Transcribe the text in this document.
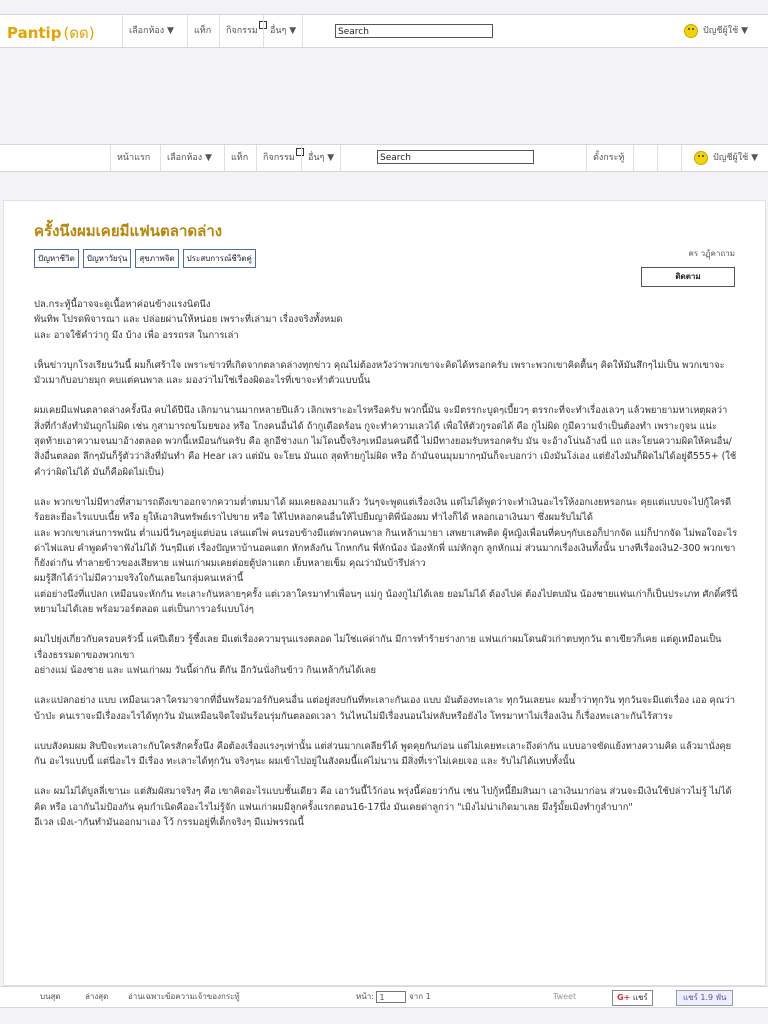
Pantip (ดด)	เลือกห้อง ▼	แท็ก	กิจกรรม	อื่นๆ ▼	Search	ปัญชีผู้ใช้ ▼
หน้าแรก	เลือกห้อง ▼	แท็ก	กิจกรรม	อื่นๆ ▼	Search	ตั้งกระทู้	ปัญชีผู้ใช้ ▼
ครั้งนึงผมเคยมีแฟนตลาดล่าง
ปัญหาชีวิต ปัญหาวัยรุ่น สุขภาพจิต ประสบการณ์ชีวิตคู่
คร วฏุ้คาถาม
ติดตาม

ปล.กระทู้นี้อาจจะดูเนื้อหาค่อนข้างแรงนิดนึง
พันทิพ โปรดพิจารณา และ ปล่อยผ่านให้หน่อย เพราะที่เล่ามา เรื่องจริงทั้งหมด
และ อาจใช้คำว่ากู มึง บ้าง เพื่อ อรรถรส ในการเล่า

เห็นข่าวบุกโรงเรียนวันนี้ ผมก็เศร้าใจ เพราะข่าวที่เกิดจากตลาดล่างทุกข่าว คุณไม่ต้องหวังว่าพวกเขาจะคิดได้หรอกครับ เพราะพวกเขาคิดตื้นๆ คิดให้มันสึกๆไม่เป็น พวกเขาจะมัวเมากับอบายมุก คบแต่คนพาล และ มองว่าไม่ใช่เรื่องผิดอะไรที่เขาจะทำตัวแบบนั้น

ผมเคยมีแฟนตลาดล่างครั้งนึง คบได้ปีนึง เลิกมานานมากหลายปีแล้ว เลิกเพราะอะไรหรือครับ พวกนี้มัน จะมีตรรกะบูดๆเบี้ยวๆ ตรรกะที่จะทำเรื่องเลวๆ แล้วพยายามหาเหตุผลว่า สิ่งที่กำลังทำมันถูกไม่ผิด เช่น กูสามารถขโมยของ หรือ โกงคนอื่นได้ ถ้ากูเดือดร้อน กูจะทำความเลวได้ เพื่อให้ตัวกูรอดได้ คือ กูไม่ผิด กูมีความจำเป็นต้องทำ เพราะกูจน แน่ะ สุดท้ายเอาความจนมาอ้างตลอด พวกนี้เหมือนกันครับ คือ ลูกอีช่างแก ไม่โดนปี้จริงๆเหมือนคนดีนี้ ไม่มีทางยอมรับหรอกครับ มัน จะอ้างโน่นอ้างนี่ แถ และโยนความผิดให้คนอื่น/สิ่งอื่นตลอด ลึกๆมันก็รู้ตัวว่าสิ่งที่มันทำ คือ Hear เลว แต่มัน จะโยน มันแถ สุดท้ายกูไม่ผิด หรือ ถ้ามันจนมุมมากๆมันก็จะบอกว่า เมิงมันโง่เอง แต่ยังไงมันก็ผิดไม่ได้อยู่ดี555+ (ใช้คำว่าผิดไม่ได้ มันก็คือผิดไม่เป็น)

และ พวกเขาไม่มีทางที่สามารถดึงเขาออกจากความต่ำตมมาได้ ผมเคยลองมาแล้ว วันๆจะพูดแต่เรื่องเงิน แต่ไม่ได้พูดว่าจะทำเงินอะไรให้งอกเงยหรอกนะ คุยแต่แบบจะไปกู้ใครดี ร้อยละยี่อะไรแบบเนี้ย หรือ ยุให้เอาสินทรัพย์เราไปขาย หรือ ให้ไปหลอกคนอื่นให้ไปยืมญาติพี่น้องผม ทำไงก็ได้ หลอกเอาเงินมา ซึ่งผมรับไม่ได้
และ พวกเขาเล่นการพนัน ต่ำแม่นี่วันๆอยู่แต่บ่อน เล่นแต่ไพ่ คนรอบข้างมีแต่พวกคนพาล กินเหล้าเมายา เสพยาเสพติด ผู้หญิงเพื่อนที่คบๆกับเธอก็ปากจัด แม่ก็ปากจัด ไม่พอใจอะไรด่าไฟแลบ คำพูดคำจาฟังไม่ได้ วันๆมีแต่ เรื่องปัญหาบ้านอคแตก หักหลังกัน โกหกกัน พี่หักน้อง น้องหักพี่ แม่หักลูก ลูกหักแม่ ส่วนมากเรื่องเงินทั้งนั้น บางทีเรื่องเงิน2-300 พวกเขาก็ยังด่ากัน ทำลายข้าวของเสียหาย แฟนเก่าผมเคยต่อยตู้ปลาแตก เย็บหลายเข็ม คุณว่ามันบ้ารึปล่าว
ผมรู้สึกได้ว่าไม่มีความจริงใจกันเลยในกลุ่มคนเหล่านี้
แต่อย่างนึงที่แปลก เหมือนจะหักกัน ทะเลาะกันหลายๆครั้ง แต่เวลาใครมาทำเพื่อนๆ แม่กู น้องกูไม่ได้เลย ยอมไม่ได้ ต้องไปค่ ต้องไปตบมัน น้องชายแฟนเก่าก็เป็นประเภท ศักดิ์ศรีนี่หยามไม่ได้เลย พร้อมวอร์ตลอด แต่เป็นการวอร์แบบโง่ๆ

ผมไปยุ่งเกี่ยวกับครอบครัวนี้ แค่ปีเดียว รู้ซึ้งเลย มีแต่เรื่องความรุนแรงตลอด ไม่ใช่แค่ด่ากัน มีการทำร้ายร่างกาย แฟนเก่าผมโดนผัวเก่าตบทุกวัน ตาเขียวก็เคย แต่ดูเหมือนเป็นเรื่องธรรมดาของพวกเขา
อย่างแม่ น้องชาย และ แฟนเก่าผม วันนี้ด่ากัน ตีกัน อีกวันนั่งกินข้าว กินเหล้ากันได้เลย

และแปลกอย่าง แบบ เหมือนเวลาใครมาจากที่อื่นพร้อมวอร์กับคนอื่น แต่อยู่สงบกันที่ทะเลาะกันเอง แบบ มันต้องทะเลาะ ทุกวันเลยนะ ผมย้ำว่าทุกวัน ทุกวันจะมีแต่เรื่อง เออ คุณว่าบ้าป่ะ คนเราจะมีเรื่องอะไรได้ทุกวัน มันเหมือนจิตใจมันร้อนรุ่มกันตลอดเวลา วันไหนไม่มีเรื่องนอนไม่หลับหรือยังไง โทรมาหาไม่เรื่องเงิน ก็เรื่องทะเลาะกันไร้สาระ

แบบสังคมผม สิบปีจะทะเลาะกับใครสักครั้งนึง คือต้องเรื่องแรงๆเท่านั้น แต่ส่วนมากเคลียร์ได้ พูดคุยกันก่อน แต่ไม่เคยทะเลาะถึงด่ากัน แบบอาจขัดแย้งทางความคิด แล้วมานั่งคุยกัน อะไรแบบนี้ แต่นี่อะไร มีเรื่อง ทะเลาะได้ทุกวัน จริงๆนะ ผมเข้าไปอยู่ในสังคมนี้แค่ไม่นาน มีสิ่งที่เราไม่เคยเจอ และ รับไม่ได้แทบทั้งนั้น

และ ผมไม่ได้บูลลี่เขานะ แต่สัมผัสมาจริงๆ คือ เขาคิดอะไรแบบชั้นเดียว คือ เอาวันนี้ไว้ก่อน พรุ่งนี้ค่อยว่ากัน เช่น ไปกู้หนี้ยืมสินมา เอาเงินมาก่อน ส่วนจะมีเงินใช้ปล่าวไม่รู้ ไม่ได้คิด หรือ เอากันไม่ป้องกัน คุมกำเนิดคืออะไรไม่รู้จัก แฟนเก่าผมมีลูกครั้งแรกตอน16-17นึ่ง มันเคยด่าลูกว่า "เมิงไม่น่าเกิดมาเลย มึงรู้มั้ยเมิงทำกูลำบาก"
อีเวล เมิงเ-ากันทำมันออกมาเอง โว้ กรรมอยู่ที่เด็กจริงๆ มีแม่พรรณนี้

บนสุด	ล่างสุด อ่านเฉพาะข้อความเจ้าของกระทู้	หน้า: 1	จาก 1	Tweet	G+ แชร์	แชร์ 1.9 พัน
